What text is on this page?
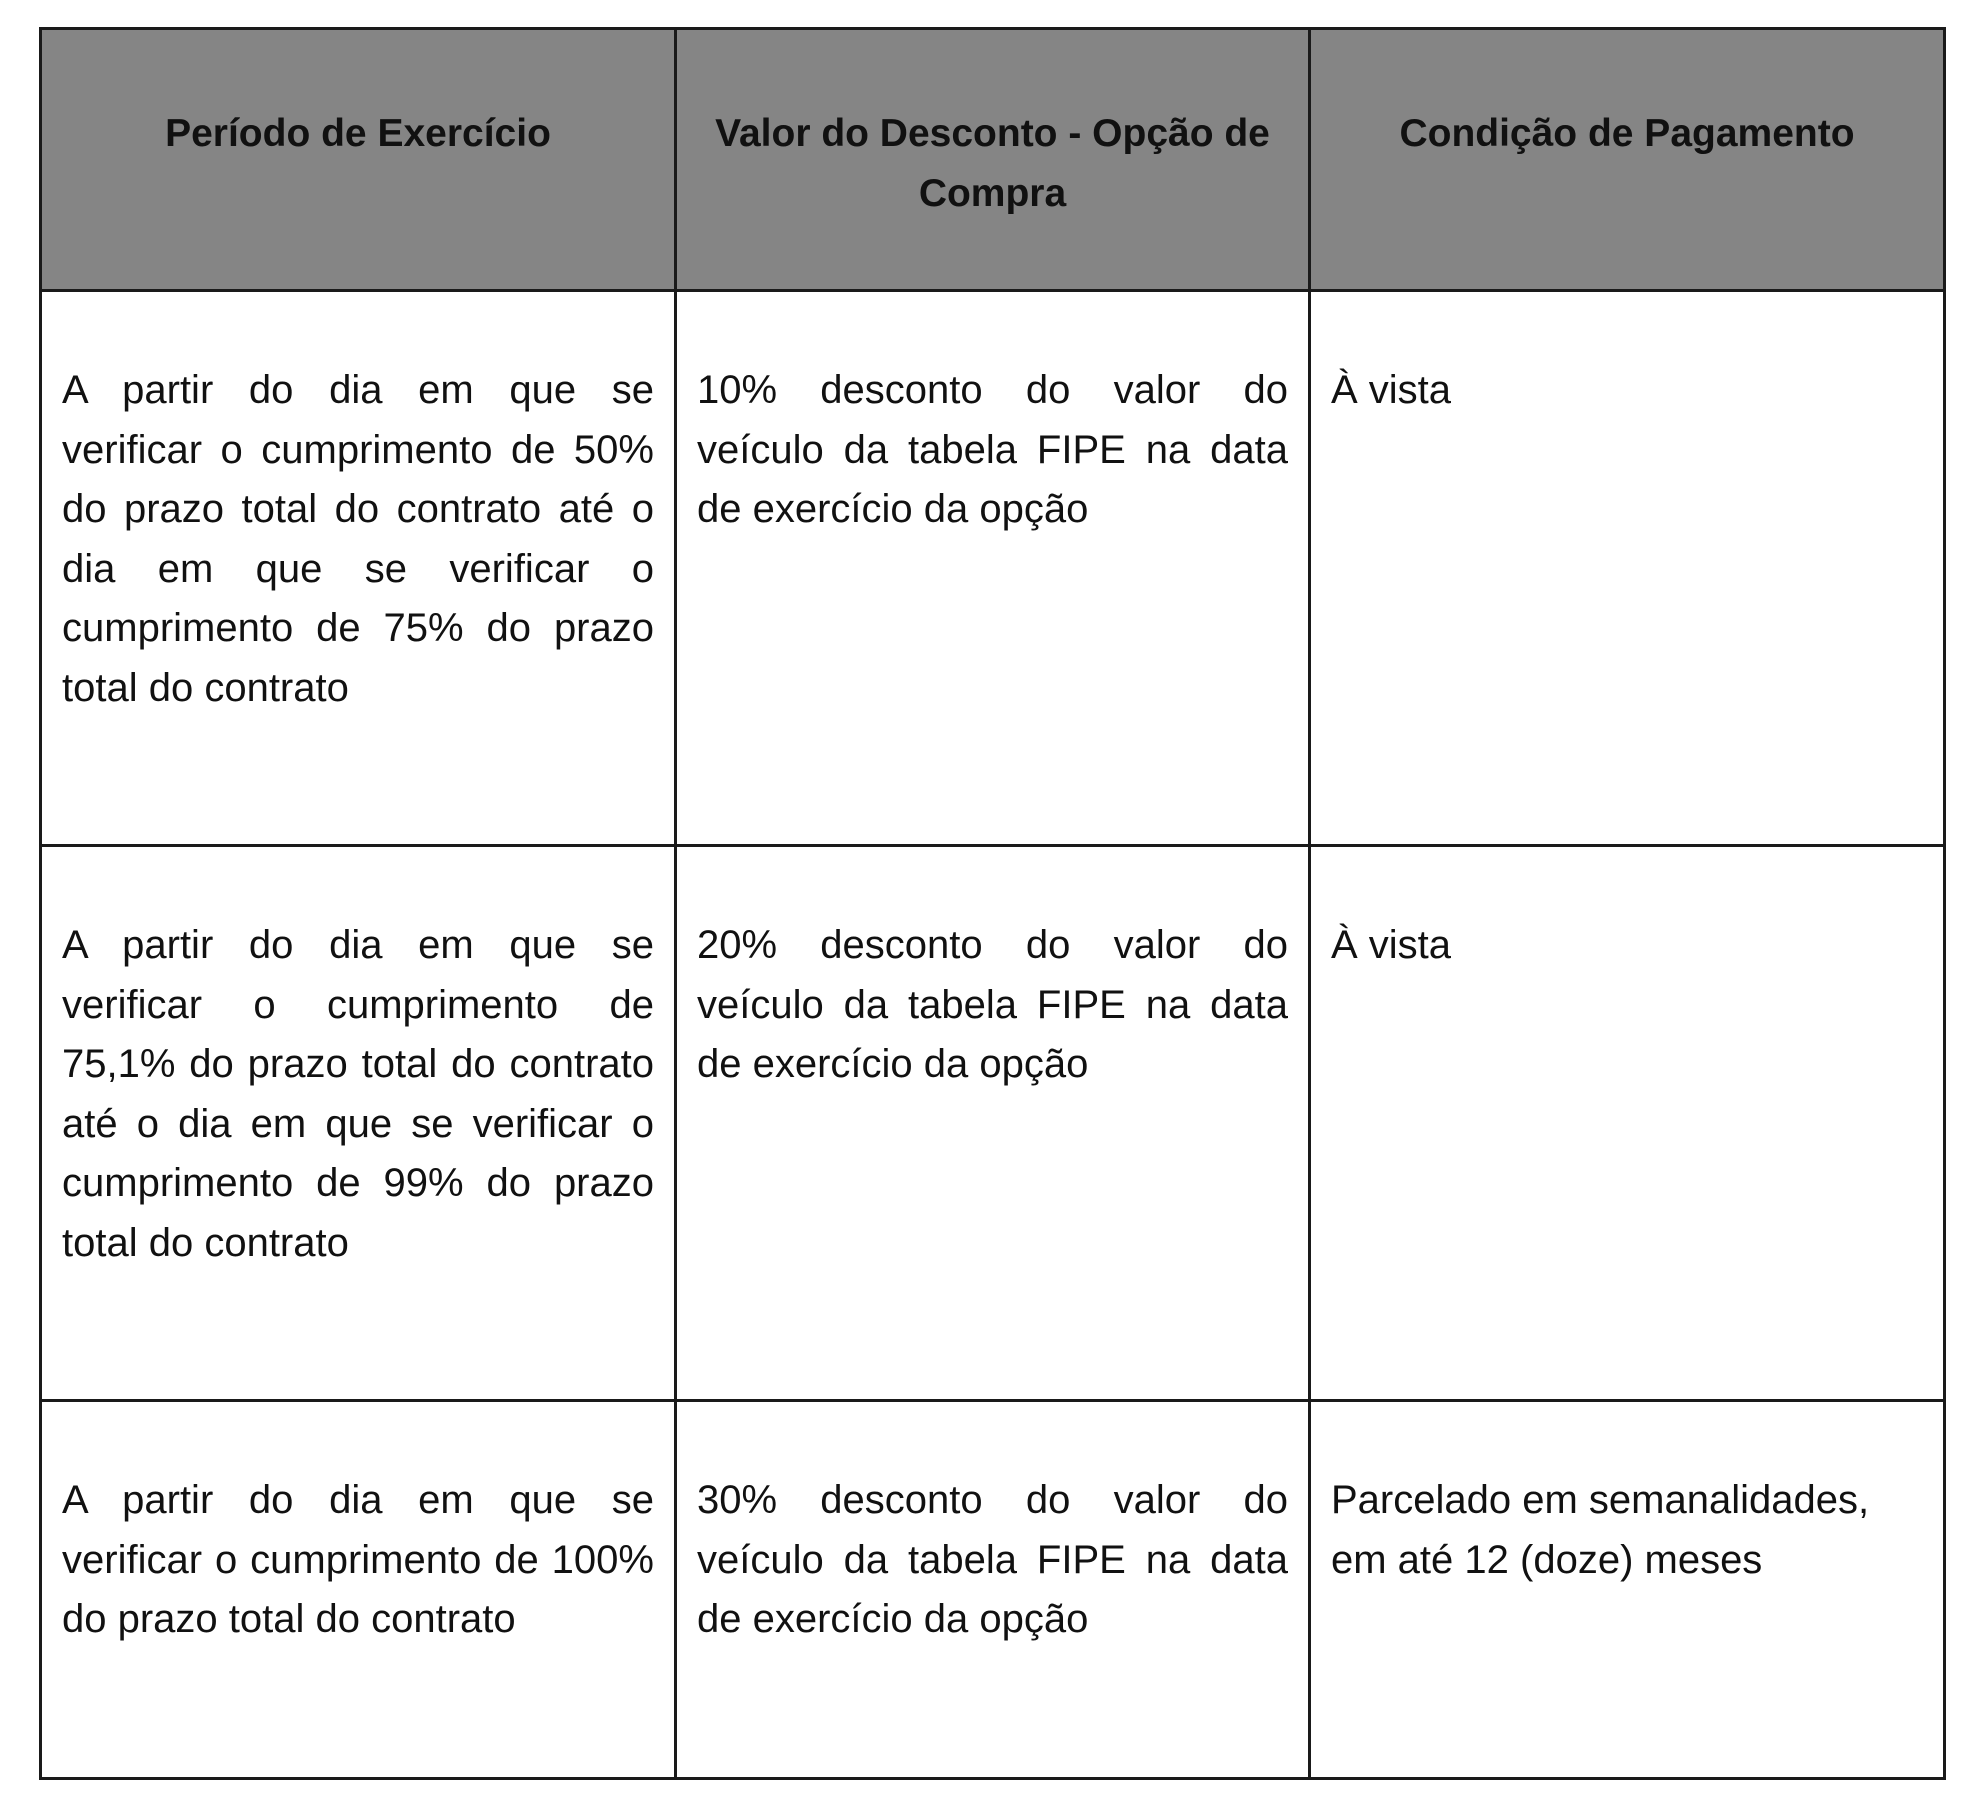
Período de Exercício	Valor do Desconto - Opção de Compra	Condição de Pagamento
A partir do dia em que se verificar o cumprimento de 50% do prazo total do contrato até o dia em que se verificar o cumprimento de 75% do prazo total do contrato	10% desconto do valor do veículo da tabela FIPE na data de exercício da opção	À vista
A partir do dia em que se verificar o cumprimento de 75,1% do prazo total do contrato até o dia em que se verificar o cumprimento de 99% do prazo total do contrato	20% desconto do valor do veículo da tabela FIPE na data de exercício da opção	À vista
A partir do dia em que se verificar o cumprimento de 100% do prazo total do contrato	30% desconto do valor do veículo da tabela FIPE na data de exercício da opção	Parcelado em semanalidades, em até 12 (doze) meses
